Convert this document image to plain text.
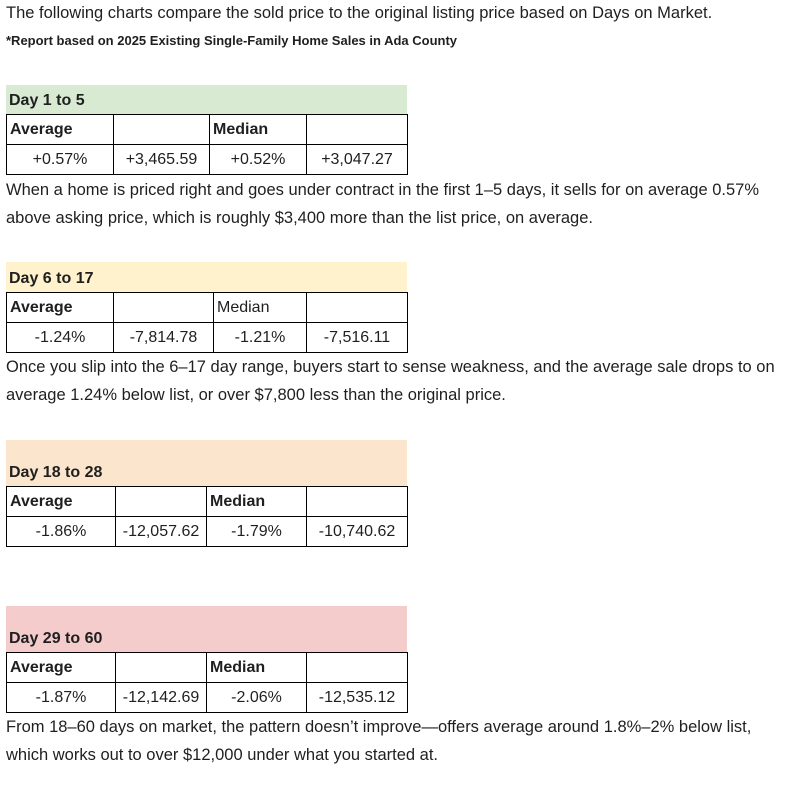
The following charts compare the sold price to the original listing price based on Days on Market.
*Report based on 2025 Existing Single-Family Home Sales in Ada County
Day 1 to 5
Average		Median	
+0.57%	+3,465.59	+0.52%	+3,047.27
When a home is priced right and goes under contract in the first 1–5 days, it sells for on average 0.57% above asking price, which is roughly $3,400 more than the list price, on average.
Day 6 to 17
Average		Median	
-1.24%	-7,814.78	-1.21%	-7,516.11
Once you slip into the 6–17 day range, buyers start to sense weakness, and the average sale drops to on average 1.24% below list, or over $7,800 less than the original price.
Day 18 to 28
Average		Median	
-1.86%	-12,057.62	-1.79%	-10,740.62
Day 29 to 60
Average		Median	
-1.87%	-12,142.69	-2.06%	-12,535.12
From 18–60 days on market, the pattern doesn’t improve—offers average around 1.8%–2% below list, which works out to over $12,000 under what you started at.
